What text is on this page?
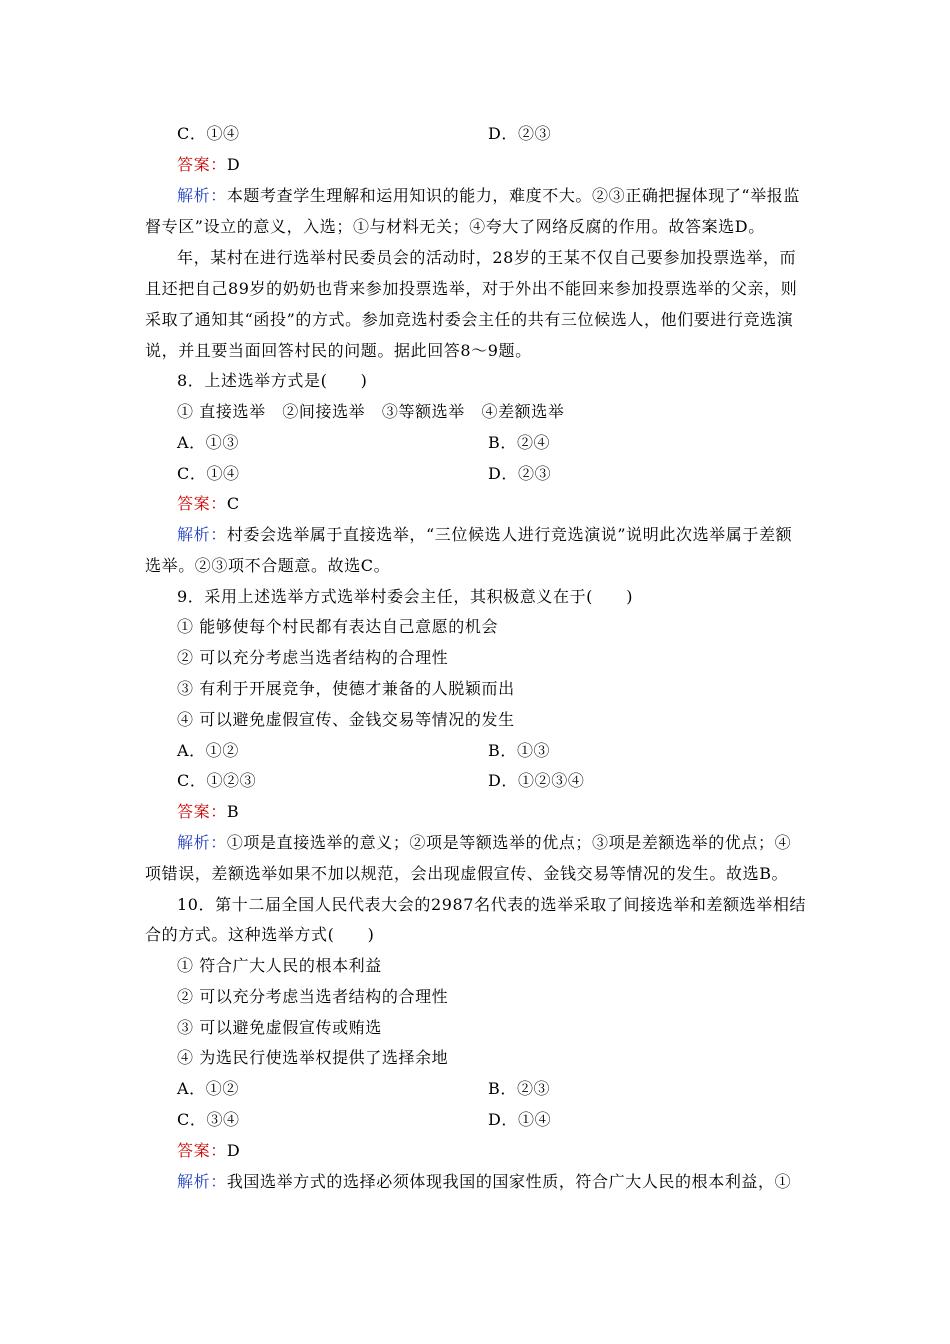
C．①④	D．②③
答案：D
解析：本题考查学生理解和运用知识的能力，难度不大。②③正确把握体现了“举报监
督专区”设立的意义，入选；①与材料无关；④夸大了网络反腐的作用。故答案选D。
年，某村在进行选举村民委员会的活动时，28岁的王某不仅自己要参加投票选举，而
且还把自己89岁的奶奶也背来参加投票选举，对于外出不能回来参加投票选举的父亲，则
采取了通知其“函投”的方式。参加竞选村委会主任的共有三位候选人，他们要进行竞选演
说，并且要当面回答村民的问题。据此回答8～9题。
8．上述选举方式是(　　)
① 直接选举　②间接选举　③等额选举　④差额选举
A．①③	B．②④
C．①④	D．②③
答案：C
解析：村委会选举属于直接选举，“三位候选人进行竞选演说”说明此次选举属于差额
选举。②③项不合题意。故选C。
9．采用上述选举方式选举村委会主任，其积极意义在于(　　)
① 能够使每个村民都有表达自己意愿的机会
② 可以充分考虑当选者结构的合理性
③ 有利于开展竞争，使德才兼备的人脱颖而出
④ 可以避免虚假宣传、金钱交易等情况的发生
A．①②	B．①③
C．①②③	D．①②③④
答案：B
解析：①项是直接选举的意义；②项是等额选举的优点；③项是差额选举的优点；④
项错误，差额选举如果不加以规范，会出现虚假宣传、金钱交易等情况的发生。故选B。
10．第十二届全国人民代表大会的2987名代表的选举采取了间接选举和差额选举相结
合的方式。这种选举方式(　　)
① 符合广大人民的根本利益
② 可以充分考虑当选者结构的合理性
③ 可以避免虚假宣传或贿选
④ 为选民行使选举权提供了选择余地
A．①②	B．②③
C．③④	D．①④
答案：D
解析：我国选举方式的选择必须体现我国的国家性质，符合广大人民的根本利益，①
